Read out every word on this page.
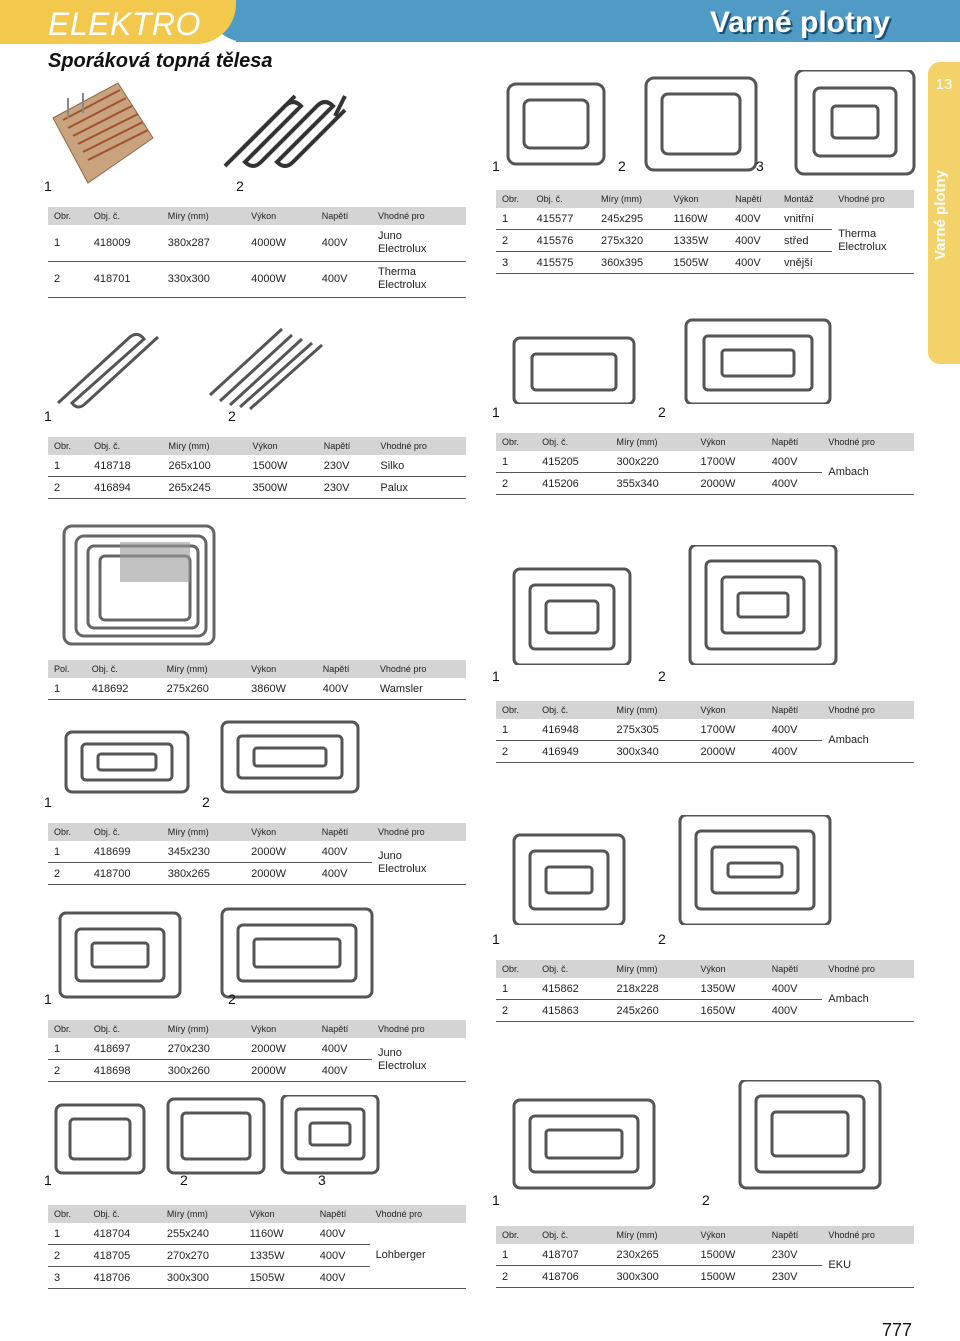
ELEKTRO
Sporáková topná tělesa
Varné plotny
13
Varné plotny
1	2
Obr.	Obj. č.	Míry (mm)	Výkon	Napětí	Vhodné pro
1	418009	380x287	4000W	400V	Juno
Electrolux
2	418701	330x300	4000W	400V	Therma
Electrolux
1	2	3
Obr.	Obj. č.	Míry (mm)	Výkon	Napětí	Montáž	Vhodné pro
1	415577	245x295	1160W	400V	vnitřní	Therma
Electrolux
2	415576	275x320	1335W	400V	střed	
3	415575	360x395	1505W	400V	vnější	
1	2
Obr.	Obj. č.	Míry (mm)	Výkon	Napětí	Vhodné pro
1	418718	265x100	1500W	230V	Silko
2	416894	265x245	3500W	230V	Palux
1	2
Obr.	Obj. č.	Míry (mm)	Výkon	Napětí	Vhodné pro
1	415205	300x220	1700W	400V	Ambach
2	415206	355x340	2000W	400V	
Pol.	Obj. č.	Míry (mm)	Výkon	Napětí	Vhodné pro
1	418692	275x260	3860W	400V	Wamsler
1	2
Obr.	Obj. č.	Míry (mm)	Výkon	Napětí	Vhodné pro
1	416948	275x305	1700W	400V	Ambach
2	416949	300x340	2000W	400V	
1	2
Obr.	Obj. č.	Míry (mm)	Výkon	Napětí	Vhodné pro
1	418699	345x230	2000W	400V	Juno
Electrolux
2	418700	380x265	2000W	400V	
1	2
Obr.	Obj. č.	Míry (mm)	Výkon	Napětí	Vhodné pro
1	415862	218x228	1350W	400V	Ambach
2	415863	245x260	1650W	400V	
1	2
Obr.	Obj. č.	Míry (mm)	Výkon	Napětí	Vhodné pro
1	418697	270x230	2000W	400V	Juno
Electrolux
2	418698	300x260	2000W	400V	
1	2	3
Obr.	Obj. č.	Míry (mm)	Výkon	Napětí	Vhodné pro
1	418704	255x240	1160W	400V	Lohberger
2	418705	270x270	1335W	400V	
3	418706	300x300	1505W	400V	
1	2
Obr.	Obj. č.	Míry (mm)	Výkon	Napětí	Vhodné pro
1	418707	230x265	1500W	230V	EKU
2	418706	300x300	1500W	230V	
777
